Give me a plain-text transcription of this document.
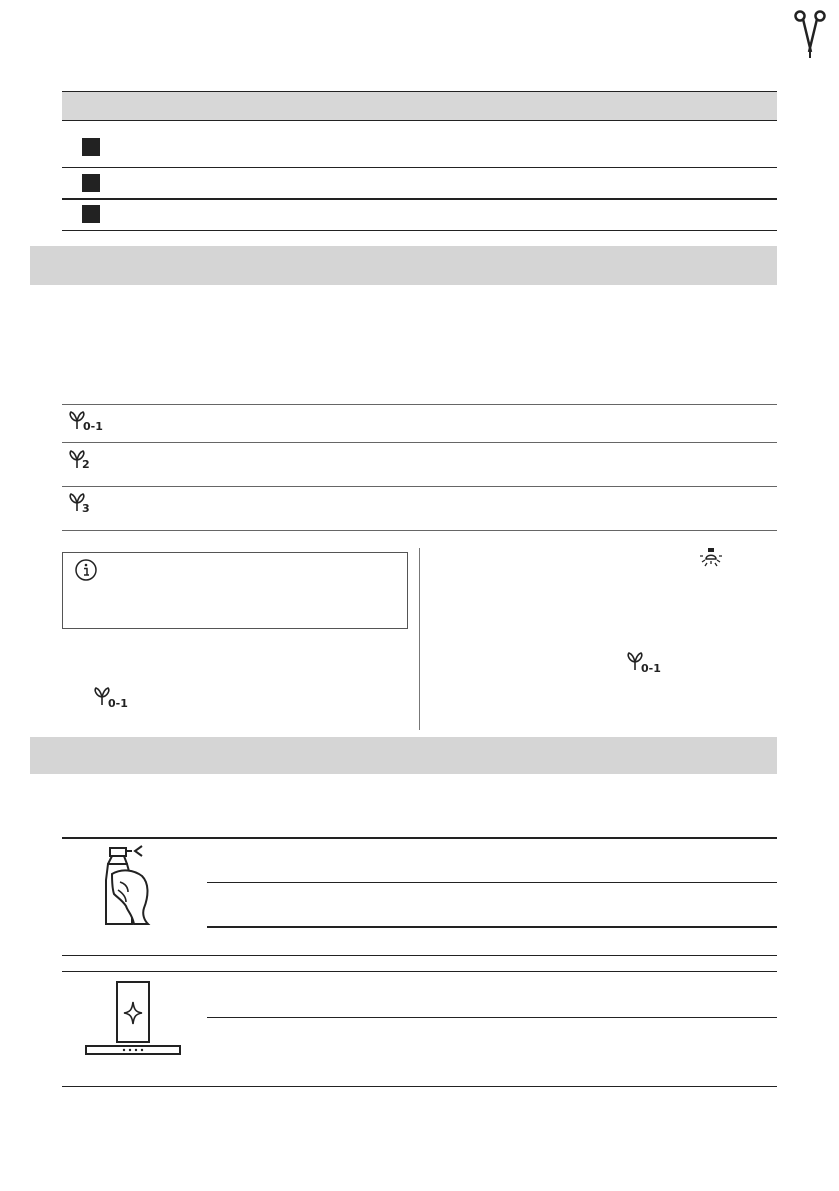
0-1
2
3
0-1
0-1
